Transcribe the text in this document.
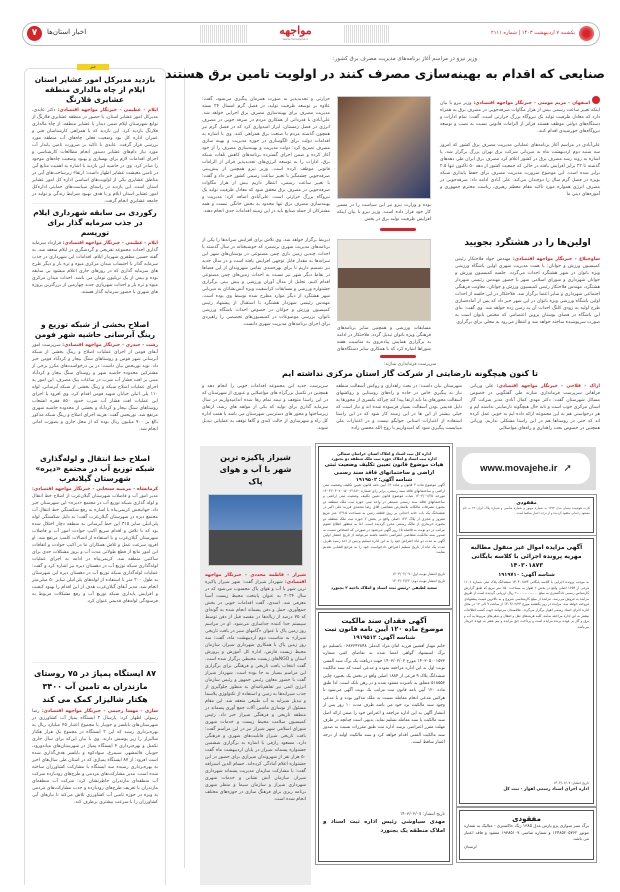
یکشنبه ۷ اردیبهشت ۱۴۰۳ | شماره ۲۱۱۱
مواجهه
www.movajehe.ir
۷	اخبار استان‌ها
خبر
بازدید مدیرکل امور عشایر استان ایلام از چاه مالداری منطقه عشایری قلارنگ
ایلام - عظیمی - خبرنگار مواجهه اقتصادی: دکتر عابدی، مدیرکل امور عشایر استان، با حضور در منطقه عشایری قلارنگ از توابع شهرستان ایلام ضمن دیدار با عشایر منطقه، از چاه مالداری قلارنگ بازدید کرد. این بازدید که با همراهی کارشناسان فنی و عمران اداره کل بود وضعیت فعلی چاه‌های آب منطقه مورد بررسی قرار گرفت. عابدی با تاکید بر ضرورت تامین پایدار آب مورد نیاز دام‌های عشایر دستور انجام مطالعات کارشناسی و اجرای اقدامات لازم برای بهسازی و بهبود وضعیت چاه‌های موجود را صادر کرد. وی در حاشیه این بازدید با اشاره به اهمیت منابع آبی در تامین معیشت عشایر اظهار داشت: ارتقاء زیرساخت‌های آبی در مناطق عشایری یکی از اولویت‌های اساسی اداره کل امور عشایر استان است. این بازدید در راستای سیاست‌های حمایتی اداره‌کل امور عشایر استان ایلام و با هدف بهبود شرایط زندگی و تولید در جامعه عشایری انجام گرفت.
رکوردی بی سابقه شهرداری ایلام در جذب سرمایه گذار برای توریسم
ایلام - عظیمی - خبرنگار مواجهه اقتصادی: قرارداد سرمایه گذاری احداث مجموعه تفریحی و گردشگری در ایلام منعقد شد. به گفته حسین مظفری شهردار ایلام، اقدامات این شهرداری در جذب سرمایه گذار با احتساب میدان مرکزی میوه و تره بار و دیگر طرح های سرمایه گذاری که در روزهای جاری اعلام میشود بی سابقه بوده و بیش از یک تریلیون تومان می باشد. احداث میدان مرکزی میوه و تره بار و احداث شهربازی جدید چهارمین از بزرگترین پروژه های شهری با حضور سرمایه گذار هستند.
اصلاح بخشی از شبکه توزیع و رینگ آبرسانی حاشیه شهر فومن
رشت - حیدری - خبرنگار مواجهه اقتصادی: سرپرست امور آبفای فومن از اجرای عملیات اصلاح و رینگ بخشی از شبکه آبرسانی شهر فومن و روستاهای سنگ بیجار و کردآباد فومن خبر داد. نوید نوربخش بیان داشت: در پی درخواست‌های مکرر برخی از مشترکین محدوده حاشیه شهر و روستای سنگ بیجار و کردآباد مبنی بر افت فشار آب شرب در ساعات پیک مصرف، این امور به اجرای عملیات اصلاح شبکه و رینگ بخشی از شبکه آبرسانی، لوله ۱۱۰ پلی اتیلن خیابان شهید فومن اقدام کرد. وی افزود با اجرای این عملیات افت فشار آب شرب حدود ۸۵۰ فقره انشعاب روستاهای سنگ بیجار و کردآباد و بخشی از محدوده حاشیه شهری مرتفع شد. نوربخش گفت: هزینه اجرای اصلاح و رینگ شبکه مذکور بالغ بر ۷۰۰ میلیون ریال بوده که از محل جاری و بصورت امانی انجام شد.
اصلاح خط انتقال و لوله‌گذاری شبکه توزیع آب در مجتمع «دیره» شهرستان گیلانغرب
کرمانشاه - مرضیه سنجابی - خبرنگار مواجهه اقتصادی: مدیر امور آب و فاضلاب شهرستان گیلان‌غرب از اصلاح خط انتقال و لوله گذاری شبکه توزیع آب در مجتمع «دیره» این شهرستان خبر داد. جهانبخش کریمی‌پناه با اشاره به رفع شکستگی خط انتقال آب مجتمع دیره در شهرستان گیلان‌غرب گفت: به دلیل شکستگی لوله پلی‌اتیلن سایز ۳۱۵ این خط آبرسانی به منطقه دچار اختلال شده بود که با تلاش و اقدام سریع اکیپ حوادث امور آب و فاضلاب شهرستان گیلان‌غرب و با استفاده از اتصالات کلمپ مرتفع شد. او افزود سرعت عمل و تلاش همکاران ما در اکیپ حوادث و اتفاقات این امور مانع از قطع طولانی مدت آب و بروز مشکلات جدی برای ساکنین منطقه شد. کریمی‌پناه در ادامه به اجرای عملیات لوله‌گذاری شبکه توزیع آب در دهستان دیره نیز اشاره کرد و گفت: عملیات لوله‌گذاری شبکه توزیع آب در دهستان دیره این شهرستان به طول ۲۰۰ متر با استفاده از لوله‌های پلی‌اتیلن سایز ۵۰ میلی‌متر انجام شد. مدیر آبفای گیلان‌غرب هدف از این اقدام را بهبود کیفیت و افزایش پایداری شبکه توزیع آب و رفع مشکلات مربوط به فرسودگی لوله‌های قدیمی عنوان کرد.
۸۷ ایستگاه پمپاژ در ۷۵ روستای مازندران به تامین آب ۳۴۰۰ هکتار شالیزار کمک می کند
ساری - مهسا رحیمی - خبرنگار مواجهه اقتصادی: رضا رسولی اظهار کرد: پارسال ۲ ایستگاه پمپاژ آب کشاورزی در شهرستان‌های بابلسر و جویبار با مجموع اعتبار ۴۵ میلیارد ریال به بهره‌برداری رسید که این ۲ ایستگاه در مجموع یک هزار هکتار شالیزار را زیر پوشش دارند. وی با بیان این‌که برای سال جاری تکمیل و بهره‌برداری ۴ ایستگاه پمپاژ در شهرستان‌های میاندورود، جویبار، قائمشهر، سیمرغ، سوادکوه و بابلسر هدف‌گذاری شده است افزود: از ۸۷ ایستگاه پمپاژی که در استان طی سال‌های اخیر به بهره‌برداری رسیده سه ایستگاه با مشارکت کشاورزان ساخته شده است. مدیر مشارکت‌های مردمی و طرح‌های زودبازده شرکت آب منطقه‌ای مازندران خاطرنشان کرد: شرکت آب منطقه‌ای مازندران با تعریف طرح‌های زودبازده و جذب مشارکت‌های مردمی به ویژه در حوزه تامین آب کشاورزی تلاش می‌کند تا نیازهای آبی کشاورزان را با سرعت بیشتری برطرف کند.
وزیر نیرو در مراسم آغاز برنامه‌های مدیریت مصرف برق کشور:
صنایعی که اقدام به بهینه‌سازی مصرف کنند در اولویت تامین برق هستند
اصفهان - مریم مومنی - خبرنگار مواجهه اقتصادی: وزیر نیرو با بیان اینکه تغییر ساعت رسمی بیش از هزار مگاوات صرفه‌جویی در مصرف برق به همراه دارد که معادل ظرفیت تولید یک نیروگاه بزرگ حرارتی است، گفت: تمام ادارات و دستگاه‌های دولتی موظف هستند فراتر از الزامات قانونی نسبت به نصب و توسعه نیروگاه‌های خورشیدی اقدام کنند.

علی‌آبادی در مراسم آغاز برنامه‌های عملیاتی مدیریت مصرف برق کشور که امروز سه شنبه دوم اردیبهشت ماه به میزبانی شرکت برق تهران بزرگ برگزار شد، با اشاره به روند رشد مصرف برق در کشور اعلام کرد مصرف برق ایران طی دهه‌های گذشته تا ۲۲ برابر افزایش یافته در حالی که جمعیت کشور از دهه ۵۰ تاکنون تنها ۲.۵ برابر شده است. این موضوع ضرورت مدیریت مصرف برای حفظ پایداری شبکه بویژه در فصل گرم سال را دوچندان می‌کند. علی آبادی ادامه داد: صرفه‌جویی در مصرف انرژی همواره مورد تاکید مقام معظم رهبری، ریاست محترم جمهوری و آموزه‌های دینی ما
بوده و وزارت نیرو نیز این سیاست را در مسیر کار خود قرار داده است. وزیر نیرو با بیان اینکه افزایش ظرفیت تولید برق در بخش
حرارتی و تجدیدپذیر به صورت همزمان پیگیری می‌شود، گفت: علاوه بر توسعه ظرفیت تولید، در فصل گرم امسال ۲۴ بسته مدیریت مصرف برای بهینه‌سازی مصرف برق اجرایی خواهد شد. علی‌آبادی با قدردانی از همکاری مردم در صرفه جویی در مصرف انرژی در فصل زمستان، ابراز امیدواری کرد که در فصل گرم نیز همچون گذشته مردم با صنعت برق همراهی کنند. وی با اشاره به اقدامات دولت برای الگوسازی در حوزه مدیریت و بهینه سازی مصرف تصریح کرد: دولت مدیریت و بهینه‌سازی مصرف را از خود آغاز کرده و ضمن اجرای گسترده برنامه‌های کاهش تلفات شبکه برق، ادارات را به توسعه انرژی‌های تجدیدپذیر فراتر از الزامات قانونی موظف کرده است. وزیر نیرو همچنین از پیش‌بینی صرفه‌جویی چشمگیر با تغییر ساعت رسمی کشور خبر داد و گفت: با تغییر ساعت رسمی، انتظار داریم بیش از هزار مگاوات صرفه‌جویی در مصرف برق محقق شود که معادل ظرفیت تولید یک نیروگاه بزرگ حرارتی است. علی‌آبادی اضافه کرد: مدیریت و بهینه‌سازی مصرف برق تنها محدود به بخش خانگی نیست و همه مشترکان از جمله صنایع باید در این زمینه اقدامات جدی انجام دهند.
اولین‌ها را در هشتگرد بجویید
ساوجبلاغ - خبرنگار مواجهه اقتصادی: مهندس جواد فلاحتکار رئیس کمیسیون ورزش و جوانان: با همت مدیریت شهری اولین باشگاه ورزشی ویژه بانوان در شهر هشتگرد احداث می‌گردد. جلسه کمیسیون ورزش و جوانان شهرداری و شورای اسلامی شهر با حضور مهندس رئیسی شهردار هشتگرد، مهندس فلاحتکار رئیس کمیسیون ورزش و جوانان، معاونت فرهنگی اجتماعی شهرداری و سایر اعضا برگزار شد. فلاحتکار در این جلسه از احداث اولین باشگاه ورزشی ویژه بانوان در این شهر خبر داد که پس از آماده‌سازی طرح اولیه به زودی کلنگ احداث آن به زمین زده خواهد شد. وی گفت: بنای این باشگاه در فضای بوستان پروین اعتصامی که مختص بانوان است به صورت سرپوشیده ساخته خواهد شد و انتظار می‌رود به محلی برای برگزاری
مسابقات ورزشی و همچنین سایر برنامه‌های فرهنگی ویژه بانوان تبدیل گردد. فلاحتکار در ادامه به برگزاری همایش پیاده‌روی به مناسبت هفته شوراها اشاره کرد که با همکاری سایر دستگاه‌های
ذیربط برگزار خواهد شد. وی تلاش برای افزایش سرانه‌ها را یکی از برنامه‌های مدیریت شهری برشمرد که خوشبختانه در سال گذشته با احداث چندین زمین بازی چمن مصنوعی در بوستان‌های شهر این سرانه‌ها به مقدار قابل توجهی افزایش یافته است و در سال جدید نیز تصمیم داریم تا برای بهره‌مندی تمامی شهروندان از این فضاها در نقاط دیگر شهر نیز نسبت به احداث زمین‌های چمن مصنوعی اقدام کنیم. تجلیل از مدال آوران ورزشی و پیش بینی برگزاری جشنواره ورزشی و مسابقات کراسفیت ویژه آتش‌نشانان به میزبانی شهر هشتگرد از دیگر موارد مطرح شده توسط وی بوده است. مهندس رئیسی شهردار هشتگرد با استقبال از پیشنهاد رئیس کمیسیون ورزش و جوانان در خصوص احداث باشگاه ورزشی بانوان، بررسی موضوعات در کمیسیون‌های تخصصی را راهبردی برای اجرای برنامه‌های مدیریت شهری دانست.
سرپرست فرمانداری شازند:
تا کنون هیچگونه نارضایتی از شرکت گاز استان مرکزی نداشته ایم
اراک - فلاحی - خبرنگار مواجهه اقتصادی: علی وریانی فراهانی سرپرست فرمانداری شازند طی گفتگویی در خصوص مسائل شهرستان گفت: دکتر مهدی کمال آبادی مدیر شرکت گاز استان مرکزی خوب است و تابه حال هیچگونه نارضایتی نداشته ایم و هر درخواستی هم به این مجموعه ارائه داده ایم به خوبی عمل کرده اند که حتی در روستاها هم در این راستا مشکلی نداریم. وریانی همچنین در خصوص بحث راهداری و راه‌های مواصلاتی
شهرستان بیان داشت: در بحث راهداری و روکش آسفالت منطقه نیاز به پیگیری خاص در جاده و راه‌های روستایی و روکشهای آسفالت محورهای ما باید ارتقا پیدا کند چراکه یکسری از محورها به دلیل قدیمی بودن آسفالت بسیار فرسوده شده اند و نیاز است که خیلی بیشتر از این ها در این زمینه کار شود که در این راستا استفاده از اعتبارات استانی جوابگو نیست و در اعتبارات ملی میبایست پیگیری شود که امیدواریم با روح الله محسن زاده
سرپرست جدید این مجموعه اقدامات خوبی را انجام دهد و همچنین در تکمیل بزرگراه های مواصلاتی و عبوری از شهرستان که در این راستا متوقف و نیمه تمام رها شده اندامیدواریم در سال سرمایه گذاری برای تولید که یکی از مولفه های رشد، ارتقای زیرساختها و محور های دسترسی شهرستان می باشد با همت اداره کل راه و شهرسازی از حالت کندی و گاها توقف به عملیاتی تبدیل شوند.
شیراز پاکیزه ترین شهر با آب و هوای پاک
شیراز - فاطمه مجددی - خبرنگار مواجهه اقتصادی: شهردار شیراز گفت: شهر شیراز پاکیزه ترین شهر با آب و هوای پاک محسوب می‌شود که در سال ۲۰۲۴ به عنوان پایتخت محیط زیست آسیا معرفی شد. اسدی، گفت اقدامات خوبی در بخش جمع‌آوری، حمل و دفن پسماند انجام شده به گونه‌ای که ۷۵ درصد از زباله‌ها در مقصد قبل از دفن توسط سیستم جدا کننده جداسازی می‌شود. او در مراسم روز زمین پاک با عنوان «گامهای سبز در بافت تاریخی شیراز» به مناسبت دوم اردیبهشت ماه، گفت: سه روز زمین پاک با همکاری شهرداری شیراز، سازمان محیط زیست فارس، اداره کل آموزش و پرورش استان و NGOهای زیست محیطی برگزار شده است. گفت انتخاب بافت تاریخی و فرهنگی برای برگزاری این مراسم بسیار به جا بوده است. شهردار شیراز گفت با حضور معاون رئیس جمهور و رئیس سازمان انرژی اتمی نیز تفاهم‌نامه‌ای به منظور جلوگیری از جذب شیرابه‌ها به زمین و استفاده از تکنولوژی پلاسما و تبدیل شیرابه به آب طبیعی منعقد شد. این مقام مسئول از نوسازی ماشین آلات جمع آوری پسماند در منطقه تاریخی و فرهنگی شیراز خبر داد. رئیس کمیسیون سلامت محیط زیست و خدمات شهری شورای اسلامی شهر شیراز نیز در این مراسم گفت: بافت تاریخی شیراز قابلیت‌های شهری و فرهنگی دارد. مسعود رازقی با اشاره به برگزاری ششمین جشنواره پسماند شیراز در پایان اردیبهشت ماه گفت ۵۰ هزار نفر از شهروندان شیرازی برای حضور در این جشنواره اعلام آمادگی کرده‌اند. حسام الدین استرافه گفت: با مشارکت سازمان مدیریت پسماند شهرداری شیراز، سازمان آتش نشانی و خدمات شهری شهرداری شیراز و سازمان سیما و منظر شهری برنامه ریزی برای فرهنگ سازی در حوزه‌های مختلف انجام شده است.
اداره کل ثبت اسناد و املاک استان خراسان شمالی
اداره ثبت اسناد و املاک حوزه ثبت ملک منطقه دو بجنورد
هیات موضوع قانون تعیین تکلیف وضعیت ثبتی اراضی و ساختمانهای فاقد سند رسمی
شناسه آگهی: ۱۹۱۹۵۰۲
آگهی موضوع ماده ۳ قانون و ماده ۱۳ آیین نامه قانون تعیین تکلیف وضعیت ثبتی اراضی و ساختمانهای فاقد سند رسمی. برابر رای شماره ۱۴۰۳۶۰۳۰۷۰۰۵۰۰۲۱۸۷۰ مورخه ۱۴۰۳/۰۱/۲۵ هیات موضوع قانون تعیین تکلیف وضعیت ثبتی اراضی و ساختمانهای فاقد سند رسمی مستقر در واحد ثبتی حوزه ثبت ملک منطقه دو بجنورد تصرفات مالکانه بلامعارض متقاضی آقای رضا محمدی فرزند علی اکبر در ششدانگ یک باب خانه احداثی بر روی قطعه زمین به مساحت ۱۲۹.۵ متر مربع مفروز و مجزی از پلاک ۱۲۳ اصلی واقع در بخش ۲ حوزه ثبت ملک منطقه دو بجنورد خریداری از مالک رسمی محرز گردیده است. لذا به منظور اطلاع عموم مراتب در دو نوبت به فاصله ۱۵ روز آگهی می‌شود در صورتی که اشخاص نسبت به صدور سند مالکیت متقاضی اعتراضی داشته باشند می‌توانند از تاریخ انتشار اولین آگهی به مدت دو ماه اعتراض خود را به این اداره تسلیم و پس از اخذ رسید ظرف مدت یک ماه از تاریخ تسلیم اعتراض دادخواست خود را به مرجع قضایی تقدیم نمایند.
تاریخ انتشار نوبت اول: ۱۴۰۳/۰۲/۰۷
تاریخ انتشار نوبت دوم: ۱۴۰۳/۰۲/۲۲
سعید لطیفی -رئیس ثبت اسناد و املاک ناحیه ۲ بجنورد
آگهی فقدان سند مالکیت
موضوع ماده ۱۲۰ آیین نامه قانون ثبت
شناسه آگهی: ۱۹۱۹۵۱۲
خانم مهناز افشین فرزند امان مراد کدملی ۰۶۸۳۲۴۲۸۴۸ باتسلیم دو برگ استشهاد گواهی امضا شده به تقاضای کتبی شماره ۱۴۰۳۰۵۰۰۱۵۳۳ مورخ ۱۴۰۳/۰۲/۰۲ جهت دریافت یک برگ سند المثنی نوبت اول به این اداره مراجعه نموده و مدعی است که سند مالکیت ششدانگ پلاک ۹ فرعی از ۱۸۸۴ اصلی واقع در بخش یک بجنورد چاپی ۵۱۸۵۵۳ متعلق به نامبرده مفقود شده و در رهن بانک است. لذا طبق ماده ۱۲۰ آیین نامه قانون ثبت مراتب یک نوبت آگهی می‌شود تا هرکس مدعی انجام معامله نسبت به ملک مذکور بوده و یا مدعی وجود سند مالکیت نزد خود می باشد ظرف مدت ۱۰ روز پس از انتشار آگهی به این اداره مراجعه و اعتراض خود را ضمن ارائه اصل سند مالکیت یا سند معامله تسلیم نماید. بدیهی است چنانچه در ظرف مهلت مقرر اعتراضی نرسد اداره ثبت طبق مقررات نسبت به صدور سند مالکیت المثنی اقدام خواهد کرد و سند مالکیت اولیه از درجه اعتبار ساقط است.
تاریخ انتشار: ۱۴۰۳/۰۲/۰۷
مهدی سیاوشی رئیس اداره ثبت اسناد و املاک منطقه یک بجنورد
www.movajehe.ir ➚
مفقودی
کارت هوشمند نیسان مدل ۱۳۹۳ به شماره موتور و شماره شاسی و شماره پلاک ایران ۲۹ به نام مسعود رحمانی مفقود گردیده و از درجه اعتبار ساقط است.
آگهی مزایده اموال غیر منقول مطالبه مهریه پرونده اجرائی با کلاسه بایگانی ۱۴۰۳۰۱۸۷۳
شناسه آگهی: ۱۹۱۹۷۱۰
به موجب پرونده اجرایی با کلاسه بایگانی ۱۴۰۳۰۱۸۷۳ ششدانگ پلاک ثبتی شماره ۱۱۰۲ فرعی از ۱۶۵۹ اصلی واقع در بخش ۲ اهواز به مساحت ۱۵۰ متر مربع که طبق گزارش کارشناس رسمی دادگستری به مبلغ ۲۰،۰۰۰،۰۰۰،۰۰۰ ریال ارزیابی گردیده است از طریق مزایده به فروش می‌رسد. مزایده از مبلغ کارشناسی شروع و به بالاترین قیمت پیشنهادی فروخته خواهد شد. مزایده در روز یکشنبه مورخ ۱۴۰۳/۰۲/۲۳ از ساعت ۹ الی ۱۲ در محل اداره اجرای اسناد رسمی اهواز برگزار می‌گردد. علاقمندان می‌توانند جهت کسب اطلاعات بیشتر به این اداره مراجعه نمایند. کلیه هزینه‌های نقل و انتقال و بدهی‌های مربوط به آب و برق و گاز بر عهده برنده مزایده است و پرداخت حق مزایده و نیم عشر به عهده خریدار می‌باشد.
تاریخ انتشار: ۱۴۰۳/۰۲/۰۷
اداره اجرای اسناد رسمی اهواز - ثبت کل
مفقودی
برگ سبز سواری پژو پارس مدل ۱۳۸۵ رنگ خاکستری - متالیک به شماره موتور ۱۲۴۸۵۲۰۵۷۶۲ و شماره شاسی ۱۹۳۸۵۱۰۷ مفقود و فاقد اعتبار می باشد.
لرستان
